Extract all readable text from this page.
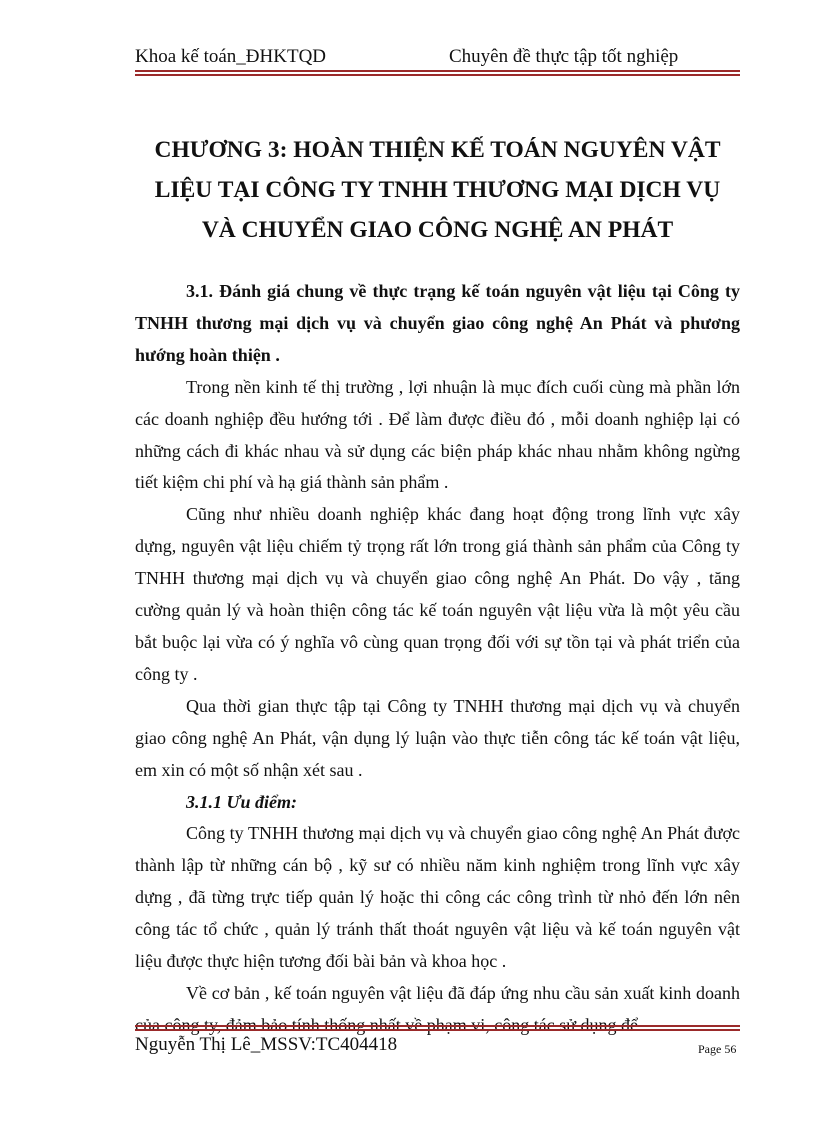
Khoa kế toán_ĐHKTQD	Chuyên đề thực tập tốt nghiệp
CHƯƠNG 3: HOÀN THIỆN KẾ TOÁN NGUYÊN VẬT
LIỆU TẠI CÔNG TY TNHH THƯƠNG MẠI DỊCH VỤ
VÀ CHUYỂN GIAO CÔNG NGHỆ AN PHÁT

3.1. Đánh giá chung về thực trạng kế toán nguyên vật liệu tại Công ty TNHH thương mại dịch vụ và chuyển giao công nghệ An Phát và phương hướng hoàn thiện .

Trong nền kinh tế thị trường , lợi nhuận là mục đích cuối cùng mà phần lớn các doanh nghiệp đều hướng tới . Để làm được điều đó , mỗi doanh nghiệp lại có những cách đi khác nhau và sử dụng các biện pháp khác nhau nhằm không ngừng tiết kiệm chi phí và hạ giá thành sản phẩm .

Cũng như nhiều doanh nghiệp khác đang hoạt động trong lĩnh vực xây dựng, nguyên vật liệu chiếm tỷ trọng rất lớn trong giá thành sản phẩm của Công ty TNHH thương mại dịch vụ và chuyển giao công nghệ An Phát. Do vậy , tăng cường quản lý và hoàn thiện công tác kế toán nguyên vật liệu vừa là một yêu cầu bắt buộc lại vừa có ý nghĩa vô cùng quan trọng đối với sự tồn tại và phát triển của công ty .

Qua thời gian thực tập tại Công ty TNHH thương mại dịch vụ và chuyển giao công nghệ An Phát, vận dụng lý luận vào thực tiễn công tác kế toán vật liệu, em xin có một số nhận xét sau .

3.1.1 Ưu điểm:

Công ty TNHH thương mại dịch vụ và chuyển giao công nghệ An Phát được thành lập từ những cán bộ , kỹ sư có nhiều năm kinh nghiệm trong lĩnh vực xây dựng , đã từng trực tiếp quản lý hoặc thi công các công trình từ nhỏ đến lớn nên công tác tổ chức , quản lý tránh thất thoát nguyên vật liệu và kế toán nguyên vật liệu được thực hiện tương đối bài bản và khoa học .

Về cơ bản , kế toán nguyên vật liệu đã đáp ứng nhu cầu sản xuất kinh doanh của công ty, đảm bảo tính thống nhất về phạm vi, công tác sử dụng để

Nguyễn Thị Lê_MSSV:TC404418	Page 56
